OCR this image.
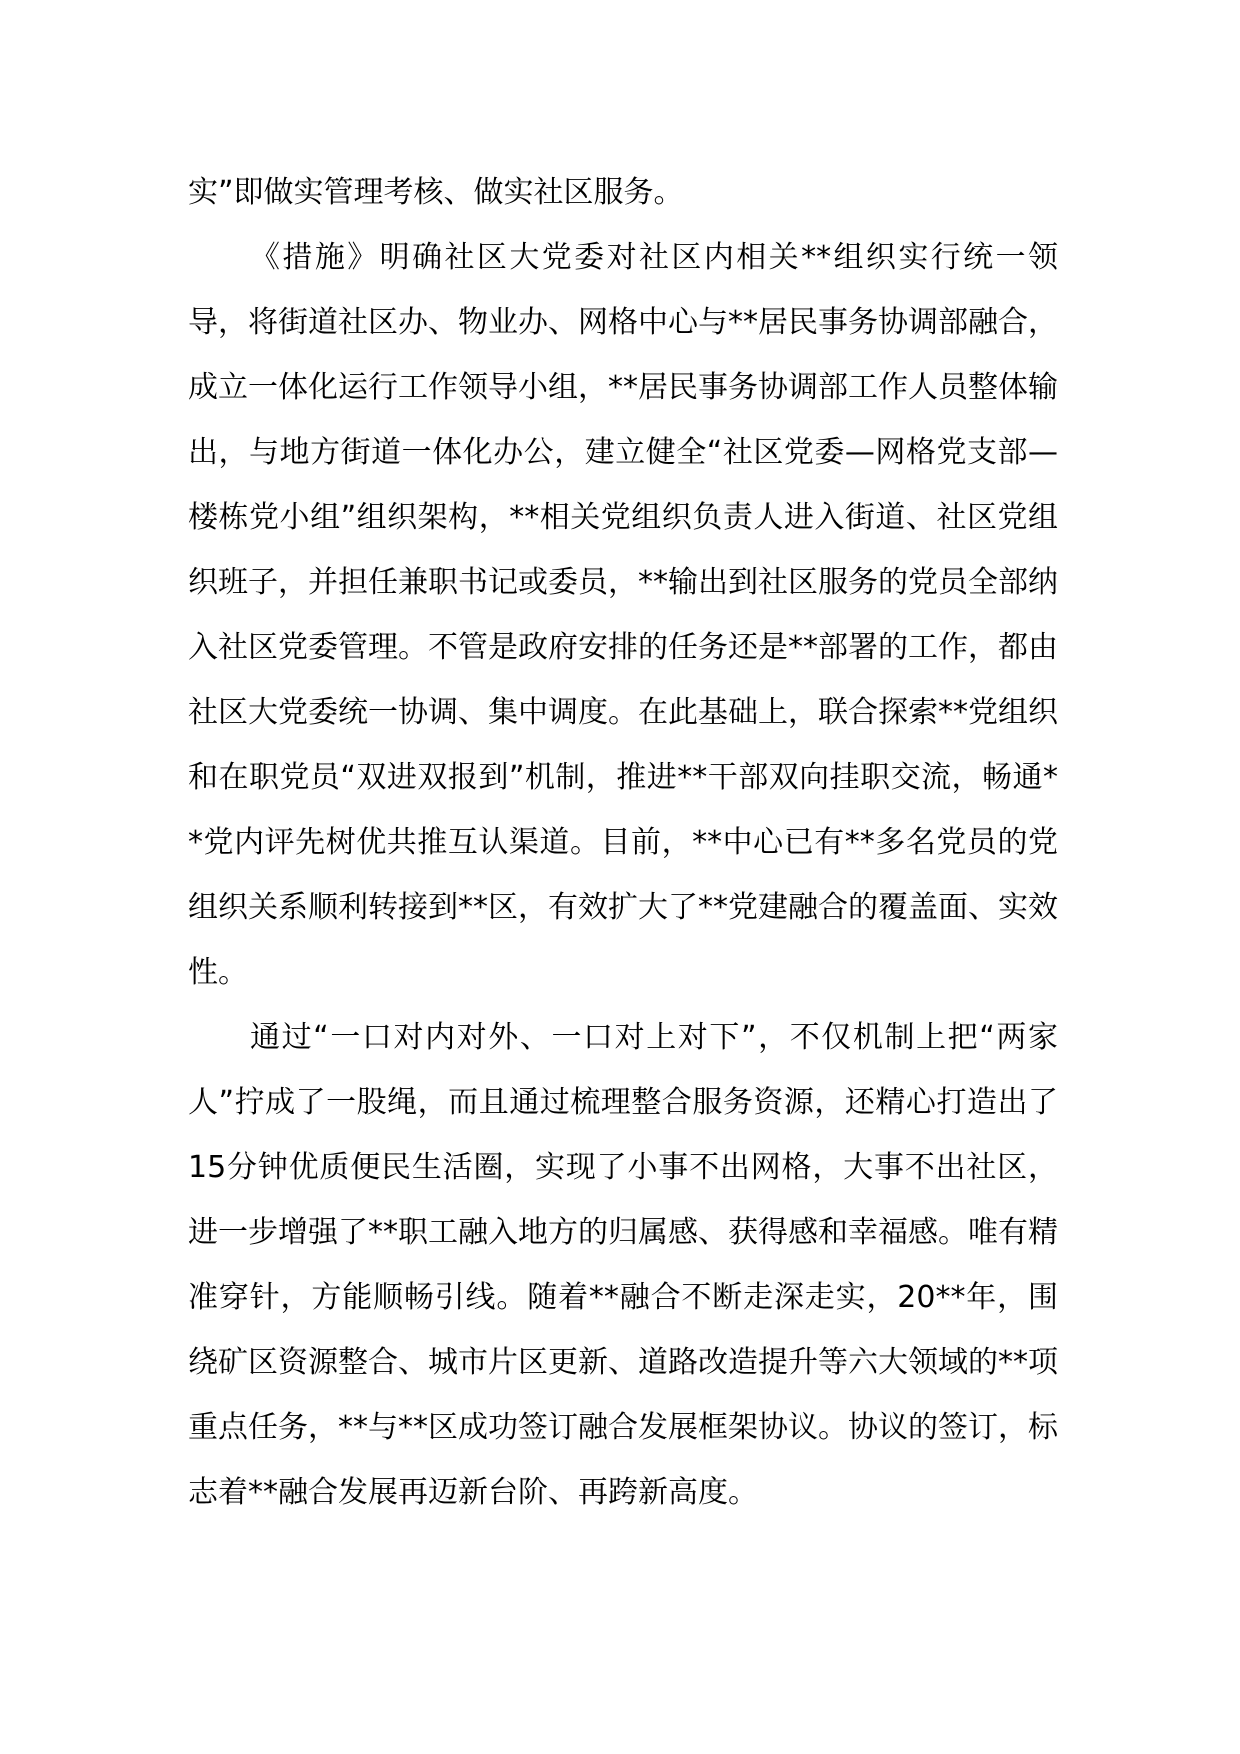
实”即做实管理考核、做实社区服务。

《措施》明确社区大党委对社区内相关**组织实行统一领导，将街道社区办、物业办、网格中心与**居民事务协调部融合，成立一体化运行工作领导小组，**居民事务协调部工作人员整体输出，与地方街道一体化办公，建立健全“社区党委—网格党支部—楼栋党小组”组织架构，**相关党组织负责人进入街道、社区党组织班子，并担任兼职书记或委员，**输出到社区服务的党员全部纳入社区党委管理。不管是政府安排的任务还是**部署的工作，都由社区大党委统一协调、集中调度。在此基础上，联合探索**党组织和在职党员“双进双报到”机制，推进**干部双向挂职交流，畅通**党内评先树优共推互认渠道。目前，**中心已有**多名党员的党组织关系顺利转接到**区，有效扩大了**党建融合的覆盖面、实效性。

通过“一口对内对外、一口对上对下”，不仅机制上把“两家人”拧成了一股绳，而且通过梳理整合服务资源，还精心打造出了15分钟优质便民生活圈，实现了小事不出网格，大事不出社区，进一步增强了**职工融入地方的归属感、获得感和幸福感。唯有精准穿针，方能顺畅引线。随着**融合不断走深走实，20**年，围绕矿区资源整合、城市片区更新、道路改造提升等六大领域的**项重点任务，**与**区成功签订融合发展框架协议。协议的签订，标志着**融合发展再迈新台阶、再跨新高度。
